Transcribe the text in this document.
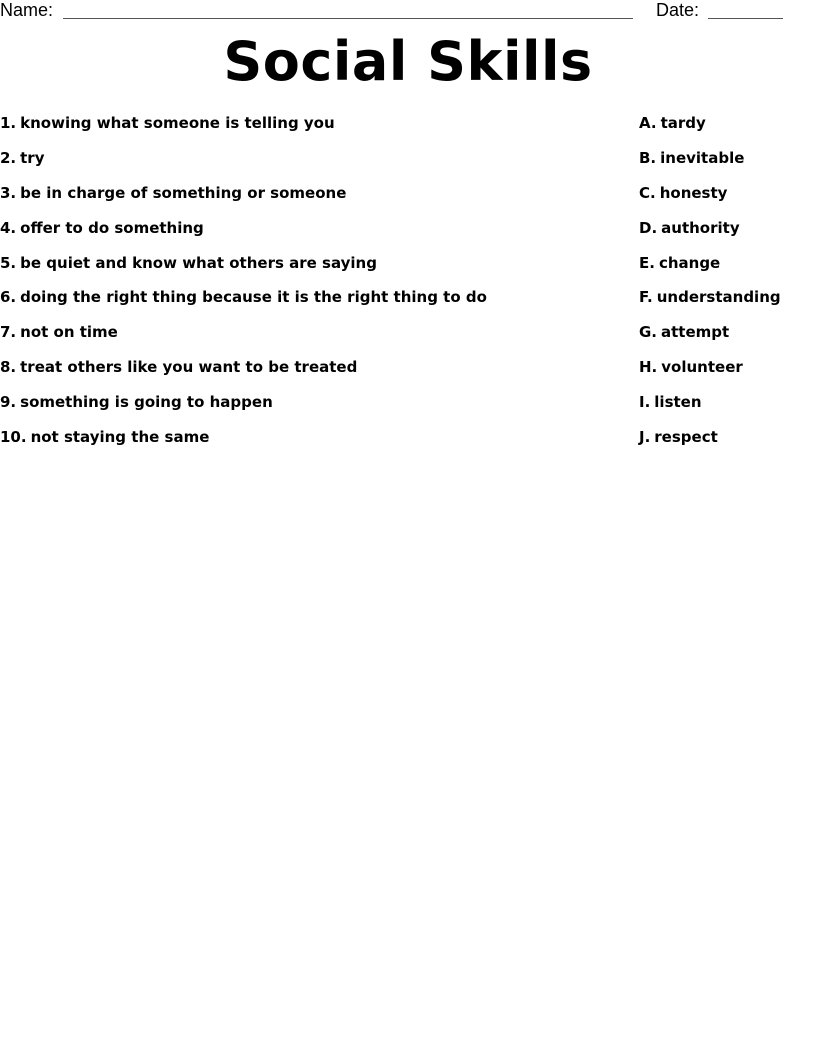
Name:	Date:
Social Skills
1. knowing what someone is telling you
2. try
3. be in charge of something or someone
4. offer to do something
5. be quiet and know what others are saying
6. doing the right thing because it is the right thing to do
7. not on time
8. treat others like you want to be treated
9. something is going to happen
10. not staying the same
A. tardy
B. inevitable
C. honesty
D. authority
E. change
F. understanding
G. attempt
H. volunteer
I. listen
J. respect
